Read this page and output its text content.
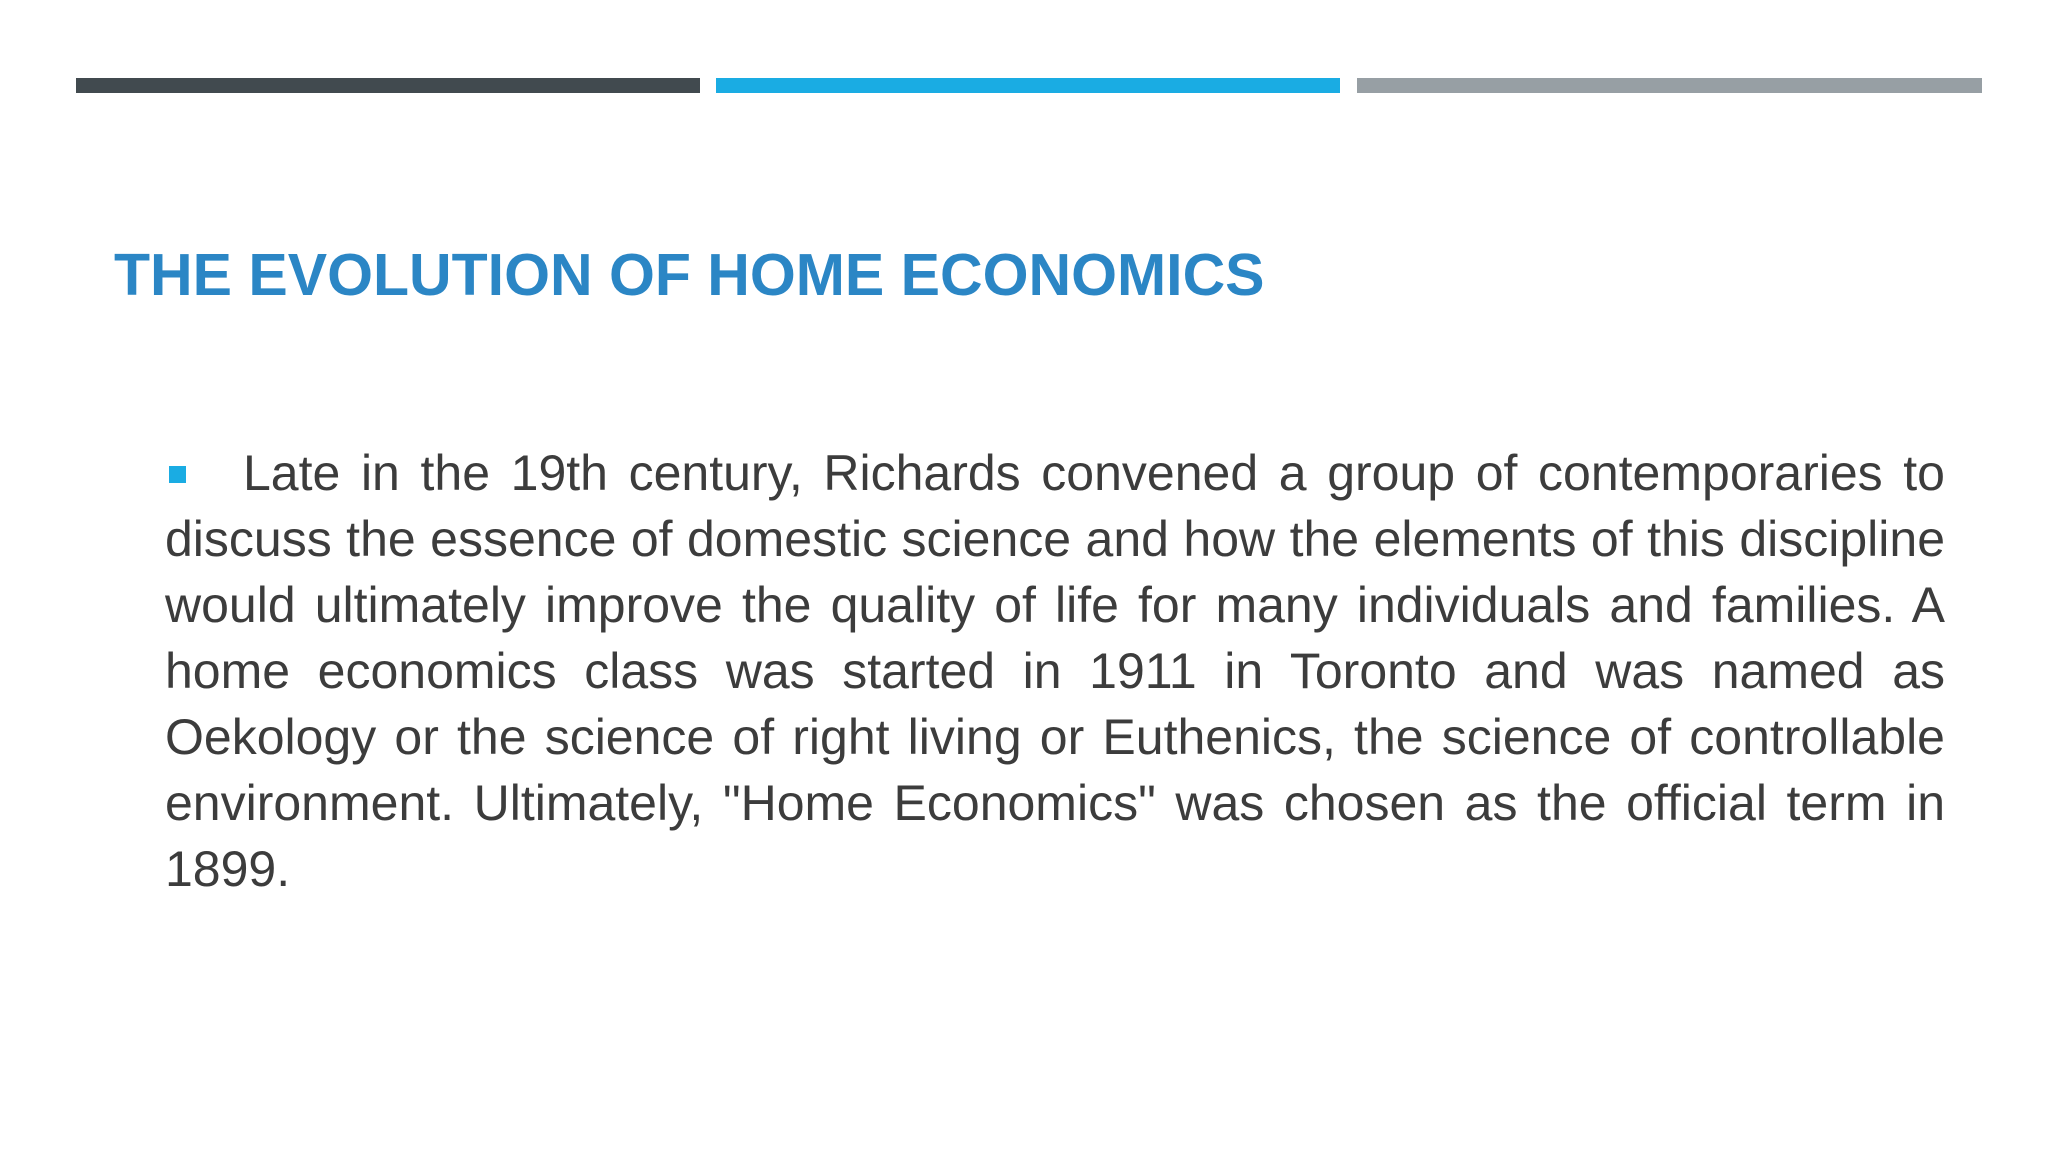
THE EVOLUTION OF HOME ECONOMICS

Late in the 19th century, Richards convened a group of contemporaries to discuss the essence of domestic science and how the elements of this discipline would ultimately improve the quality of life for many individuals and families. A home economics class was started in 1911 in Toronto and was named as Oekology or the science of right living or Euthenics, the science of controllable environment. Ultimately, "Home Economics" was chosen as the official term in 1899.
